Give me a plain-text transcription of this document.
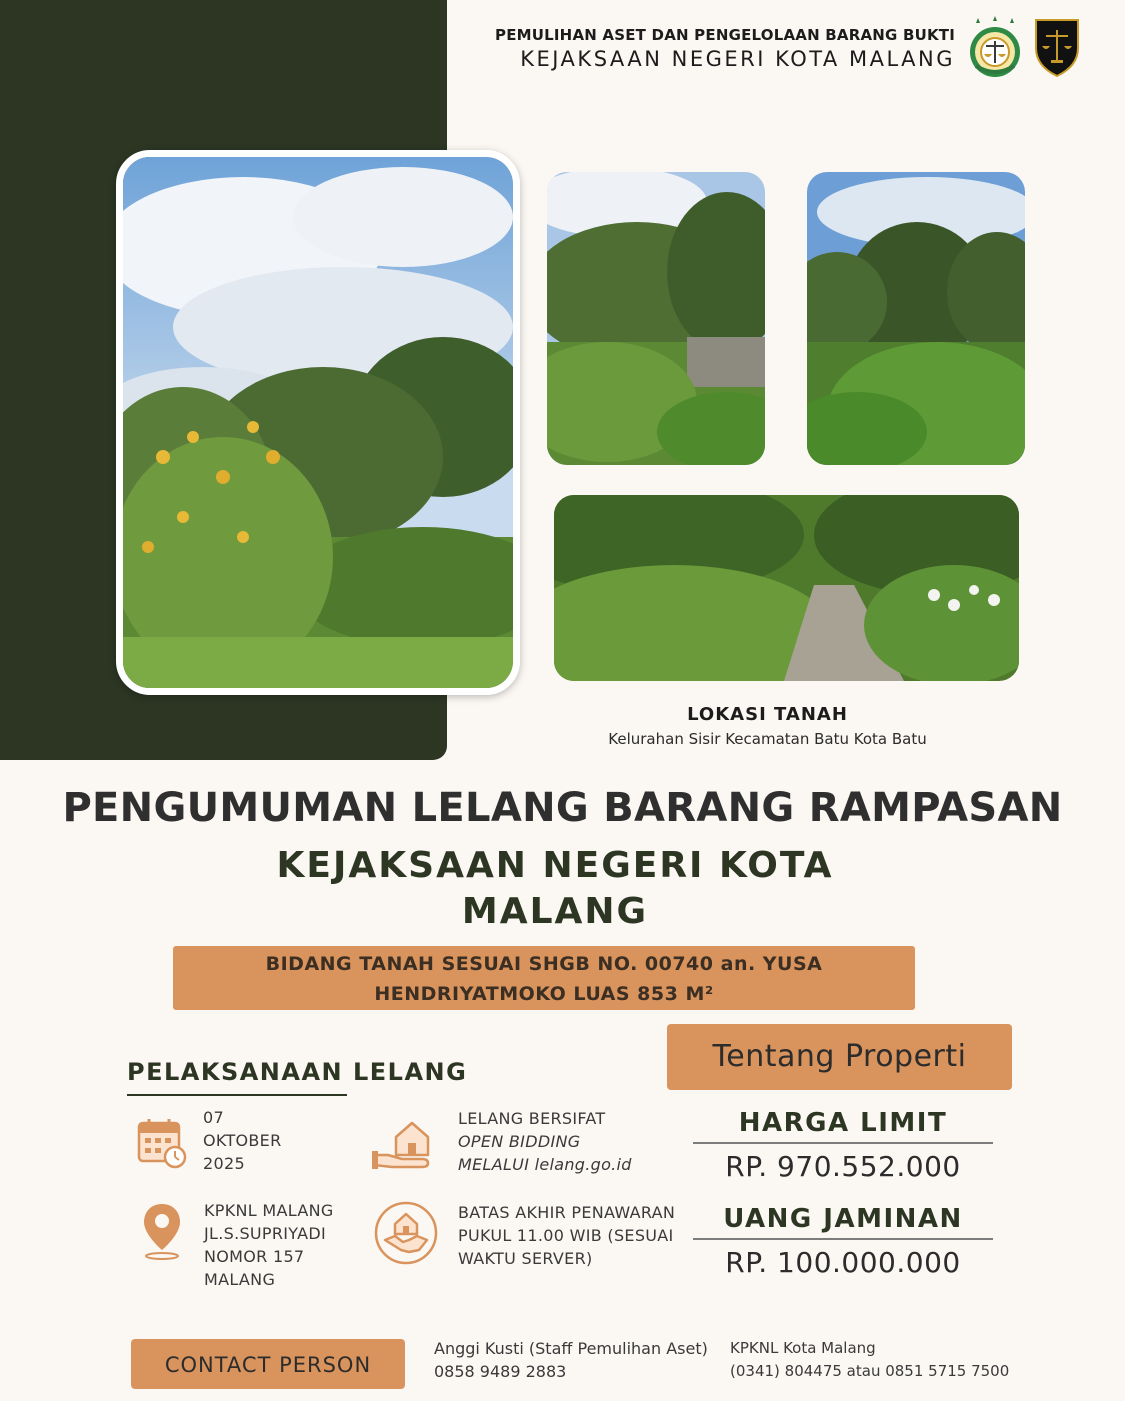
PEMULIHAN ASET DAN PENGELOLAAN BARANG BUKTI
KEJAKSAAN NEGERI KOTA MALANG
LOKASI TANAH
Kelurahan Sisir Kecamatan Batu Kota Batu
PENGUMUMAN LELANG BARANG RAMPASAN
KEJAKSAAN NEGERI KOTA
MALANG
BIDANG TANAH SESUAI SHGB NO. 00740 an. YUSA
HENDRIYATMOKO LUAS 853 M²
PELAKSANAAN LELANG
07
OKTOBER
2025
KPKNL MALANG
JL.S.SUPRIYADI
NOMOR 157
MALANG
LELANG BERSIFAT
OPEN BIDDING
MELALUI lelang.go.id
BATAS AKHIR PENAWARAN
PUKUL 11.00 WIB (SESUAI
WAKTU SERVER)
Tentang Properti
HARGA LIMIT
RP. 970.552.000
UANG JAMINAN
RP. 100.000.000
CONTACT PERSON
Anggi Kusti (Staff Pemulihan Aset)
0858 9489 2883
KPKNL Kota Malang
(0341) 804475 atau 0851 5715 7500
